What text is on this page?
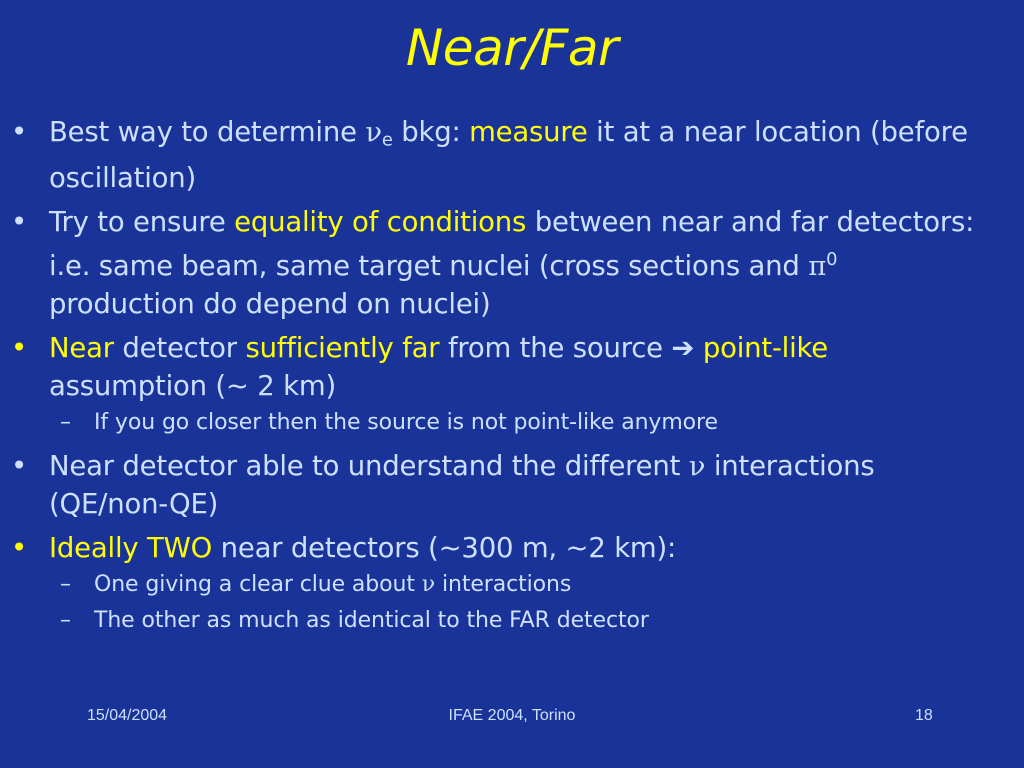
Near/Far
• Best way to determine $\nu_e$ bkg: measure it at a near location (before oscillation)
• Try to ensure equality of conditions between near and far detectors: i.e. same beam, same target nuclei (cross sections and $\pi^0$ production do depend on nuclei)
• Near detector sufficiently far from the source ➔ point-like assumption (~ 2 km)
– If you go closer then the source is not point-like anymore
• Near detector able to understand the different ν interactions (QE/non-QE)
• Ideally TWO near detectors (~300 m, ~2 km):
– One giving a clear clue about ν interactions
– The other as much as identical to the FAR detector
15/04/2004	IFAE 2004, Torino	18
